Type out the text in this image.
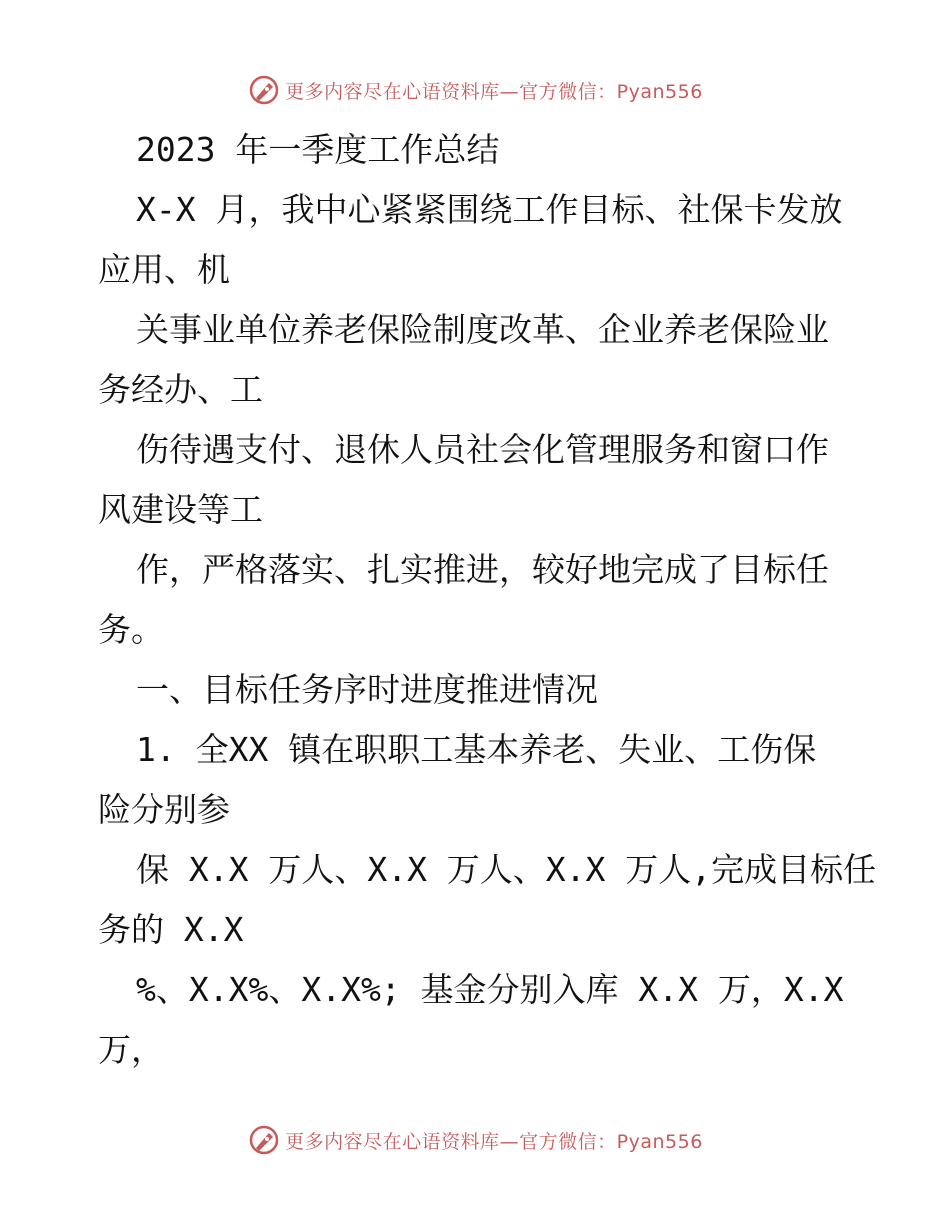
更多内容尽在心语资料库—官方微信：Pyan556
2023 年一季度工作总结
X-X 月，我中心紧紧围绕工作目标、社保卡发放
应用、机
关事业单位养老保险制度改革、企业养老保险业
务经办、工
伤待遇支付、退休人员社会化管理服务和窗口作
风建设等工
作，严格落实、扎实推进，较好地完成了目标任
务。
一、目标任务序时进度推进情况
1. 全XX 镇在职职工基本养老、失业、工伤保
险分别参
保 X.X 万人、X.X 万人、X.X 万人,完成目标任
务的 X.X
%、X.X%、X.X%; 基金分别入库 X.X 万，X.X
万，
更多内容尽在心语资料库—官方微信：Pyan556
